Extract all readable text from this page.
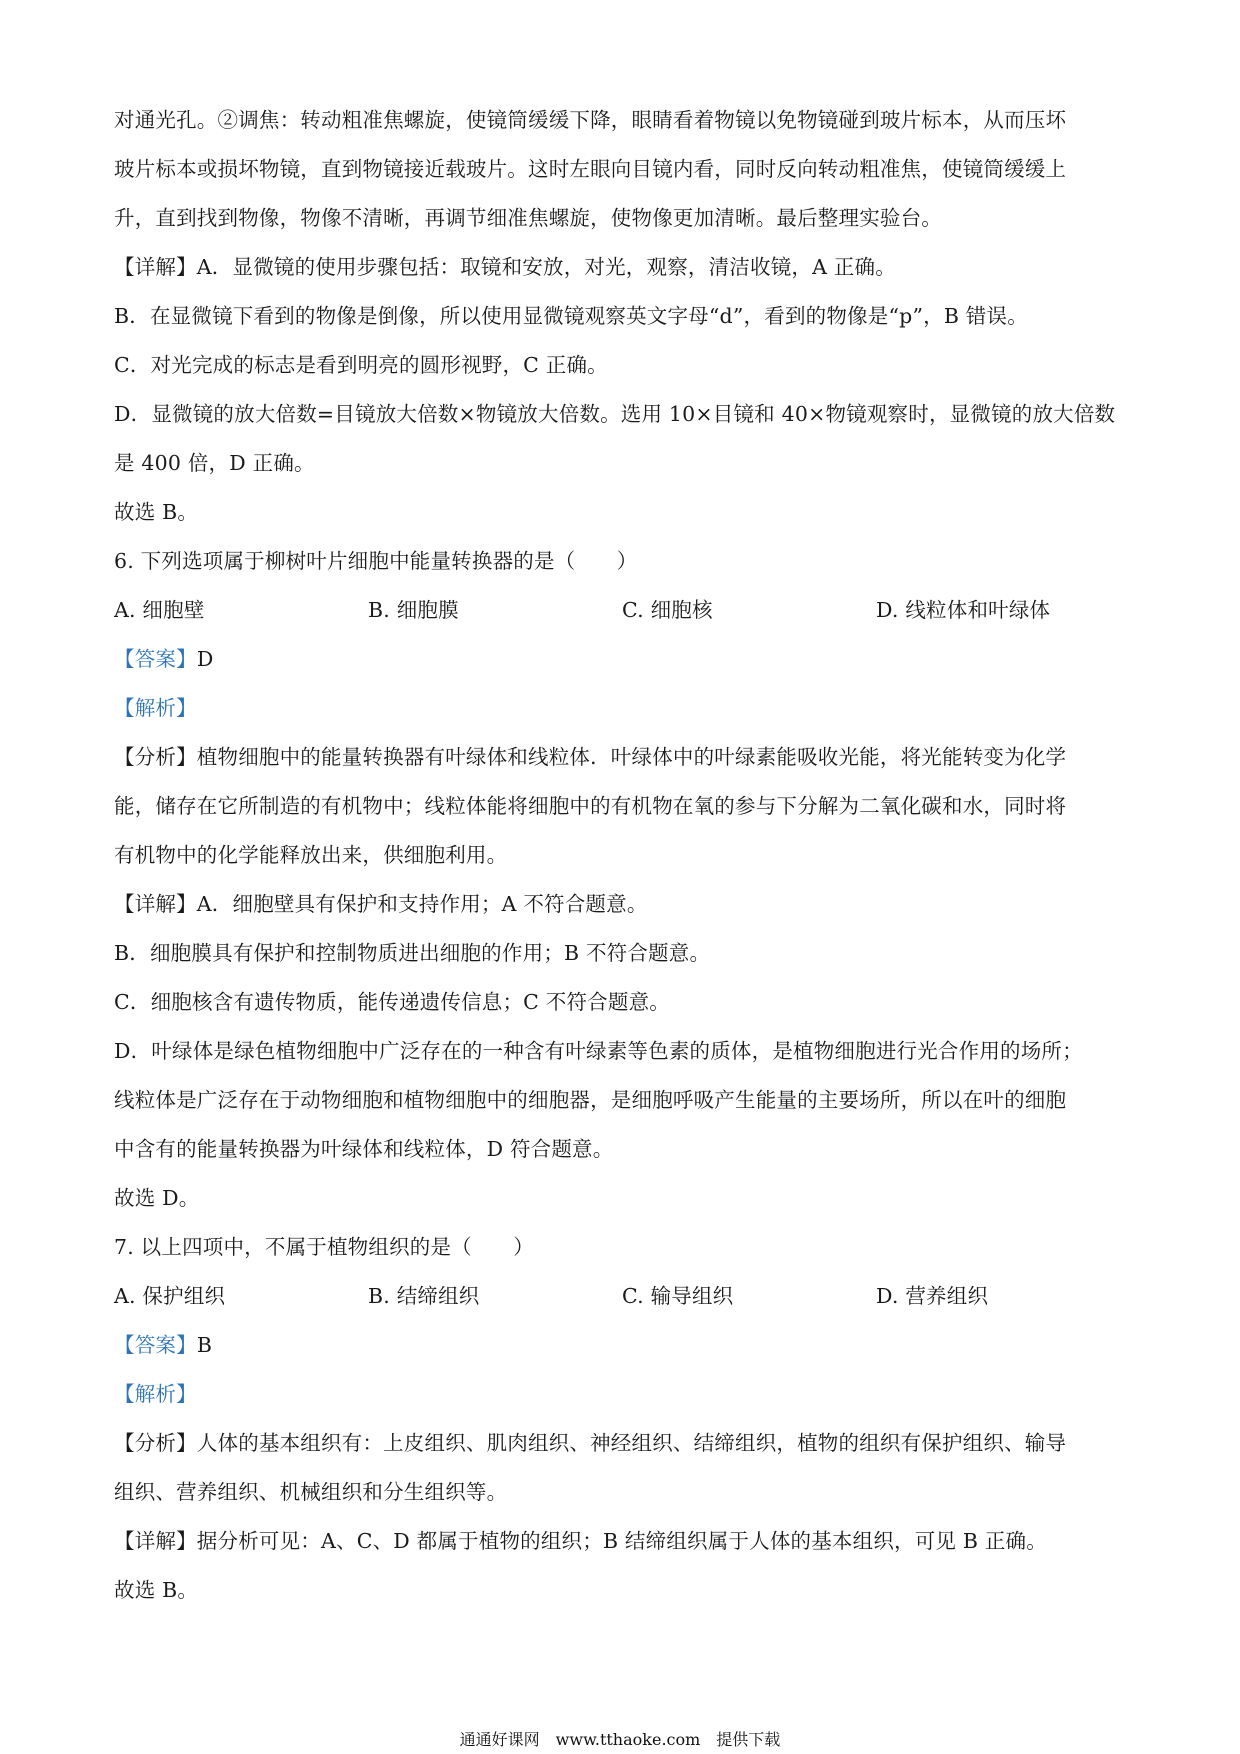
对通光孔。②调焦：转动粗准焦螺旋，使镜筒缓缓下降，眼睛看着物镜以免物镜碰到玻片标本，从而压坏
玻片标本或损坏物镜，直到物镜接近载玻片。这时左眼向目镜内看，同时反向转动粗准焦，使镜筒缓缓上
升，直到找到物像，物像不清晰，再调节细准焦螺旋，使物像更加清晰。最后整理实验台。
【详解】A．显微镜的使用步骤包括：取镜和安放，对光，观察，清洁收镜，A 正确。
B．在显微镜下看到的物像是倒像，所以使用显微镜观察英文字母“d”，看到的物像是“p”，B 错误。
C．对光完成的标志是看到明亮的圆形视野，C 正确。
D．显微镜的放大倍数=目镜放大倍数×物镜放大倍数。选用 10×目镜和 40×物镜观察时，显微镜的放大倍数
是 400 倍，D 正确。
故选 B。
6. 下列选项属于柳树叶片细胞中能量转换器的是（　　）
A. 细胞壁	B. 细胞膜	C. 细胞核	D. 线粒体和叶绿体
【答案】D
【解析】
【分析】植物细胞中的能量转换器有叶绿体和线粒体．叶绿体中的叶绿素能吸收光能，将光能转变为化学
能，储存在它所制造的有机物中；线粒体能将细胞中的有机物在氧的参与下分解为二氧化碳和水，同时将
有机物中的化学能释放出来，供细胞利用。
【详解】A．细胞壁具有保护和支持作用；A 不符合题意。
B．细胞膜具有保护和控制物质进出细胞的作用；B 不符合题意。
C．细胞核含有遗传物质，能传递遗传信息；C 不符合题意。
D．叶绿体是绿色植物细胞中广泛存在的一种含有叶绿素等色素的质体，是植物细胞进行光合作用的场所；
线粒体是广泛存在于动物细胞和植物细胞中的细胞器，是细胞呼吸产生能量的主要场所，所以在叶的细胞
中含有的能量转换器为叶绿体和线粒体，D 符合题意。
故选 D。
7. 以上四项中，不属于植物组织的是（　　）
A. 保护组织	B. 结缔组织	C. 输导组织	D. 营养组织
【答案】B
【解析】
【分析】人体的基本组织有：上皮组织、肌肉组织、神经组织、结缔组织，植物的组织有保护组织、输导
组织、营养组织、机械组织和分生组织等。
【详解】据分析可见：A、C、D 都属于植物的组织；B 结缔组织属于人体的基本组织，可见 B 正确。
故选 B。
通通好课网　www.tthaoke.com　提供下载
